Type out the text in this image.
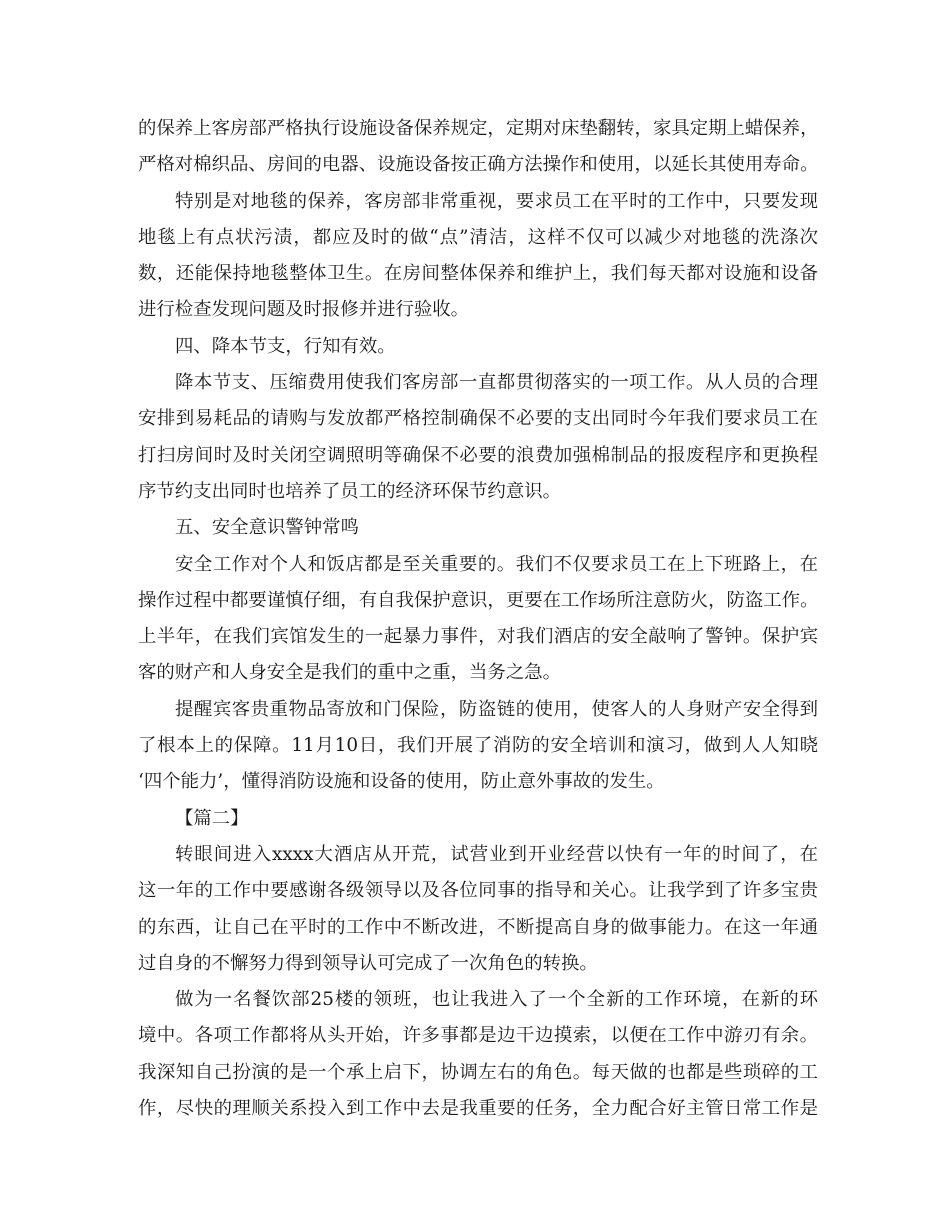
的保养上客房部严格执行设施设备保养规定，定期对床垫翻转，家具定期上蜡保养，
严格对棉织品、房间的电器、设施设备按正确方法操作和使用，以延长其使用寿命。
特别是对地毯的保养，客房部非常重视，要求员工在平时的工作中，只要发现
地毯上有点状污渍，都应及时的做“点”清洁，这样不仅可以减少对地毯的洗涤次
数，还能保持地毯整体卫生。在房间整体保养和维护上，我们每天都对设施和设备
进行检查发现问题及时报修并进行验收。
四、降本节支，行知有效。
降本节支、压缩费用使我们客房部一直都贯彻落实的一项工作。从人员的合理
安排到易耗品的请购与发放都严格控制确保不必要的支出同时今年我们要求员工在
打扫房间时及时关闭空调照明等确保不必要的浪费加强棉制品的报废程序和更换程
序节约支出同时也培养了员工的经济环保节约意识。
五、安全意识警钟常鸣
安全工作对个人和饭店都是至关重要的。我们不仅要求员工在上下班路上，在
操作过程中都要谨慎仔细，有自我保护意识，更要在工作场所注意防火，防盗工作。
上半年，在我们宾馆发生的一起暴力事件，对我们酒店的安全敲响了警钟。保护宾
客的财产和人身安全是我们的重中之重，当务之急。
提醒宾客贵重物品寄放和门保险，防盗链的使用，使客人的人身财产安全得到
了根本上的保障。11月10日，我们开展了消防的安全培训和演习，做到人人知晓
‘四个能力’，懂得消防设施和设备的使用，防止意外事故的发生。
【篇二】
转眼间进入xxxx大酒店从开荒，试营业到开业经营以快有一年的时间了，在
这一年的工作中要感谢各级领导以及各位同事的指导和关心。让我学到了许多宝贵
的东西，让自己在平时的工作中不断改进，不断提高自身的做事能力。在这一年通
过自身的不懈努力得到领导认可完成了一次角色的转换。
做为一名餐饮部25楼的领班，也让我进入了一个全新的工作环境，在新的环
境中。各项工作都将从头开始，许多事都是边干边摸索，以便在工作中游刃有余。
我深知自己扮演的是一个承上启下，协调左右的角色。每天做的也都是些琐碎的工
作，尽快的理顺关系投入到工作中去是我重要的任务，全力配合好主管日常工作是
